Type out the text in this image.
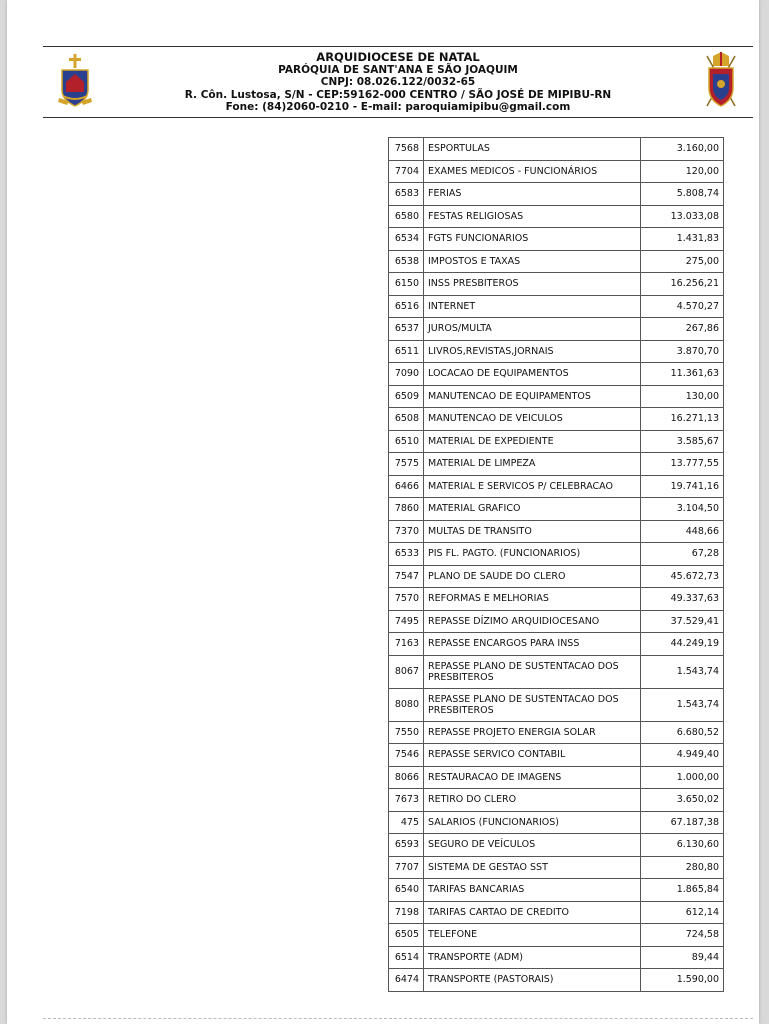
ARQUIDIOCESE DE NATAL
PARÓQUIA DE SANT'ANA E SÃO JOAQUIM
CNPJ: 08.026.122/0032-65
R. Côn. Lustosa, S/N - CEP:59162-000 CENTRO / SÃO JOSÉ DE MIPIBU-RN
Fone: (84)2060-0210 - E-mail: paroquiamipibu@gmail.com
7568	ESPORTULAS	3.160,00
7704	EXAMES MEDICOS - FUNCIONÁRIOS	120,00
6583	FERIAS	5.808,74
6580	FESTAS RELIGIOSAS	13.033,08
6534	FGTS FUNCIONARIOS	1.431,83
6538	IMPOSTOS E TAXAS	275,00
6150	INSS PRESBITEROS	16.256,21
6516	INTERNET	4.570,27
6537	JUROS/MULTA	267,86
6511	LIVROS,REVISTAS,JORNAIS	3.870,70
7090	LOCACAO DE EQUIPAMENTOS	11.361,63
6509	MANUTENCAO DE EQUIPAMENTOS	130,00
6508	MANUTENCAO DE VEICULOS	16.271,13
6510	MATERIAL DE EXPEDIENTE	3.585,67
7575	MATERIAL DE LIMPEZA	13.777,55
6466	MATERIAL E SERVICOS P/ CELEBRACAO	19.741,16
7860	MATERIAL GRAFICO	3.104,50
7370	MULTAS DE TRANSITO	448,66
6533	PIS FL. PAGTO. (FUNCIONARIOS)	67,28
7547	PLANO DE SAUDE DO CLERO	45.672,73
7570	REFORMAS E MELHORIAS	49.337,63
7495	REPASSE DÍZIMO ARQUIDIOCESANO	37.529,41
7163	REPASSE ENCARGOS PARA INSS	44.249,19
8067	REPASSE PLANO DE SUSTENTACAO DOS PRESBITEROS	1.543,74
8080	REPASSE PLANO DE SUSTENTACAO DOS PRESBITEROS	1.543,74
7550	REPASSE PROJETO ENERGIA SOLAR	6.680,52
7546	REPASSE SERVICO CONTABIL	4.949,40
8066	RESTAURACAO DE IMAGENS	1.000,00
7673	RETIRO DO CLERO	3.650,02
475	SALARIOS (FUNCIONARIOS)	67.187,38
6593	SEGURO DE VEÍCULOS	6.130,60
7707	SISTEMA DE GESTAO SST	280,80
6540	TARIFAS BANCARIAS	1.865,84
7198	TARIFAS CARTAO DE CREDITO	612,14
6505	TELEFONE	724,58
6514	TRANSPORTE (ADM)	89,44
6474	TRANSPORTE (PASTORAIS)	1.590,00
